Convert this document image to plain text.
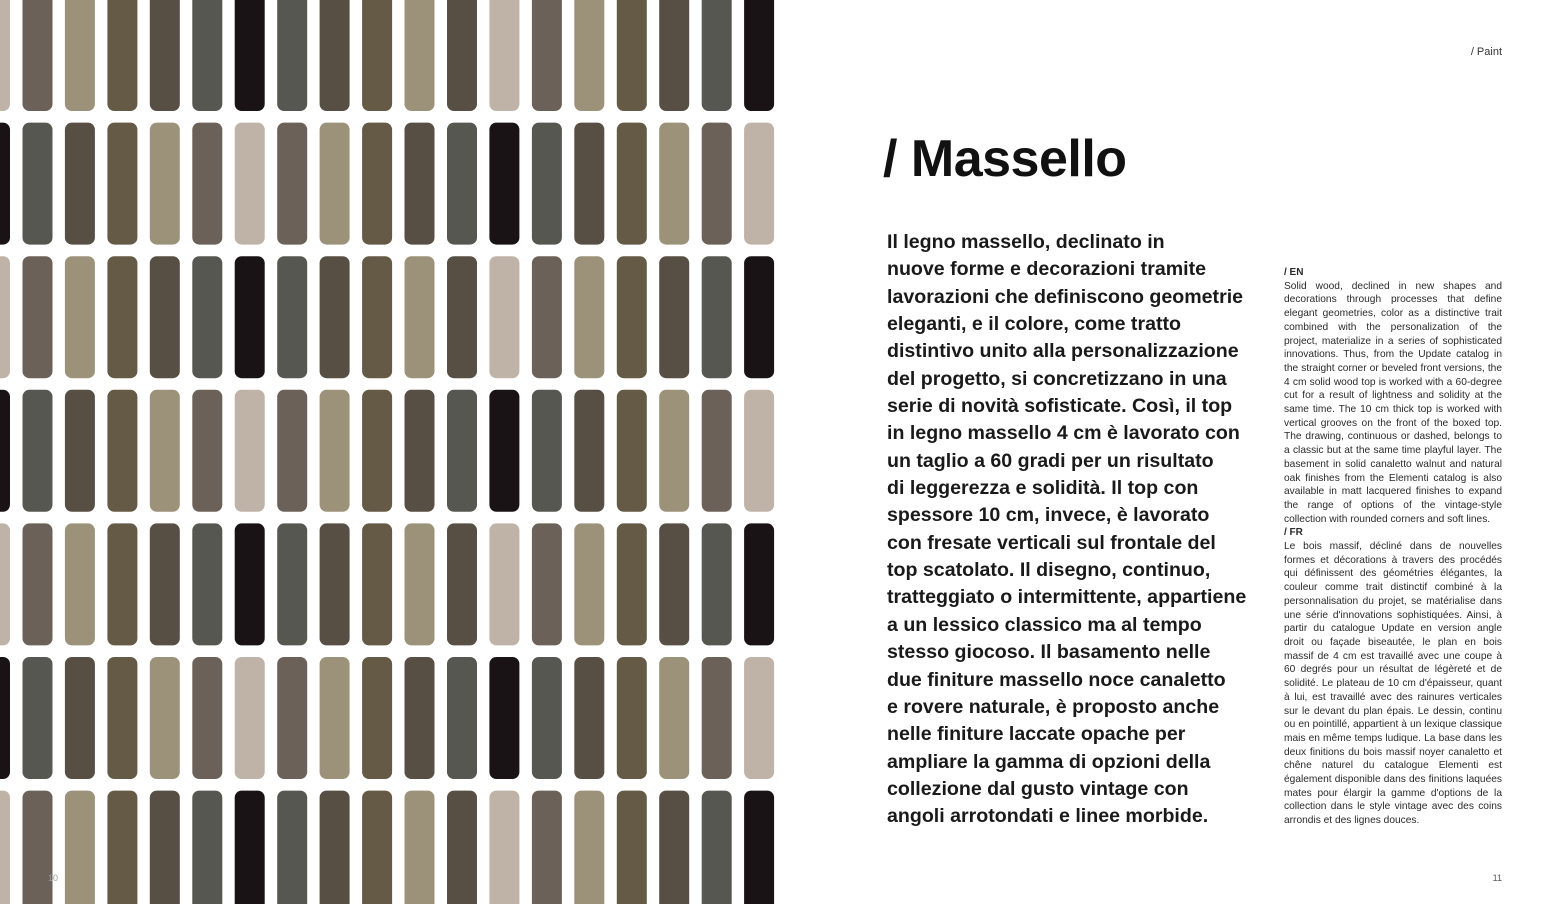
10
/ Paint
/ Massello
Il legno massello, declinato in
nuove forme e decorazioni tramite
lavorazioni che definiscono geometrie
eleganti, e il colore, come tratto
distintivo unito alla personalizzazione
del progetto, si concretizzano in una
serie di novità sofisticate. Così, il top
in legno massello 4 cm è lavorato con
un taglio a 60 gradi per un risultato
di leggerezza e solidità. Il top con
spessore 10 cm, invece, è lavorato
con fresate verticali sul frontale del
top scatolato. Il disegno, continuo,
tratteggiato o intermittente, appartiene
a un lessico classico ma al tempo
stesso giocoso. Il basamento nelle
due finiture massello noce canaletto
e rovere naturale, è proposto anche
nelle finiture laccate opache per
ampliare la gamma di opzioni della
collezione dal gusto vintage con
angoli arrotondati e linee morbide.

/ EN

Solid wood, declined in new shapes and decorations through processes that define elegant geometries, color as a distinctive trait combined with the personalization of the project, materialize in a series of sophisticated innovations. Thus, from the Update catalog in the straight corner or beveled front versions, the 4 cm solid wood top is worked with a 60-degree cut for a result of lightness and solidity at the same time. The 10 cm thick top is worked with vertical grooves on the front of the boxed top. The drawing, continuous or dashed, belongs to a classic but at the same time playful layer. The basement in solid canaletto walnut and natural oak finishes from the Elementi catalog is also available in matt lacquered finishes to expand the range of options of the vintage-style collection with rounded corners and soft lines.

/ FR

Le bois massif, décliné dans de nouvelles formes et décorations à travers des procédés qui définissent des géométries élégantes, la couleur comme trait distinctif combiné à la personnalisation du projet, se matérialise dans une série d'innovations sophistiquées. Ainsi, à partir du catalogue Update en version angle droit ou façade biseautée, le plan en bois massif de 4 cm est travaillé avec une coupe à 60 degrés pour un résultat de légèreté et de solidité. Le plateau de 10 cm d'épaisseur, quant à lui, est travaillé avec des rainures verticales sur le devant du plan épais. Le dessin, continu ou en pointillé, appartient à un lexique classique mais en même temps ludique. La base dans les deux finitions du bois massif noyer canaletto et chêne naturel du catalogue Elementi est également disponible dans des finitions laquées mates pour élargir la gamme d'options de la collection dans le style vintage avec des coins arrondis et des lignes douces.

11
